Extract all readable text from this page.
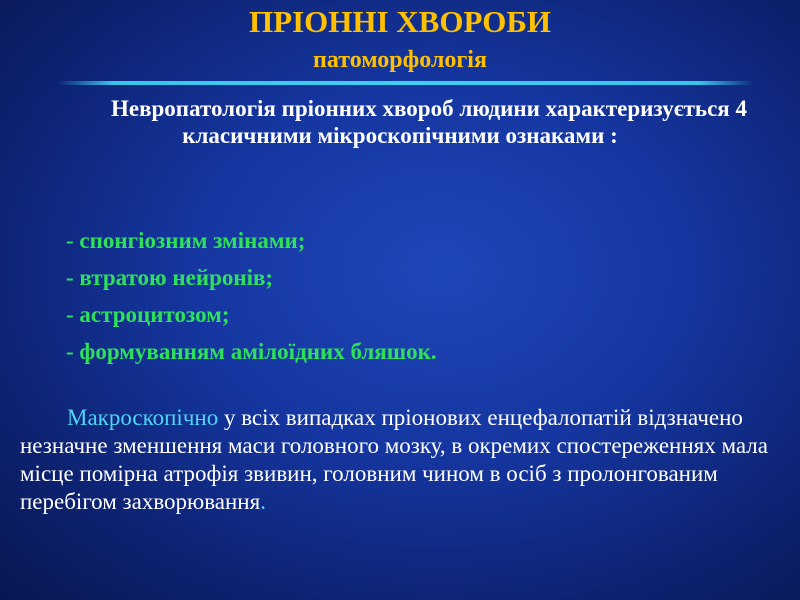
ПРІОННІ ХВОРОБИ
патоморфологія

Невропатологія пріонних хвороб людини характеризується 4 класичними мікроскопічними ознаками :

- спонгіозним змінами;
- втратою нейронів;
- астроцитозом;
- формуванням амілоїдних бляшок.

Макроскопічно у всіх випадках пріонових енцефалопатій відзначено незначне зменшення маси головного мозку, в окремих спостереженнях мала місце помірна атрофія звивин, головним чином в осіб з пролонгованим перебігом захворювання.
